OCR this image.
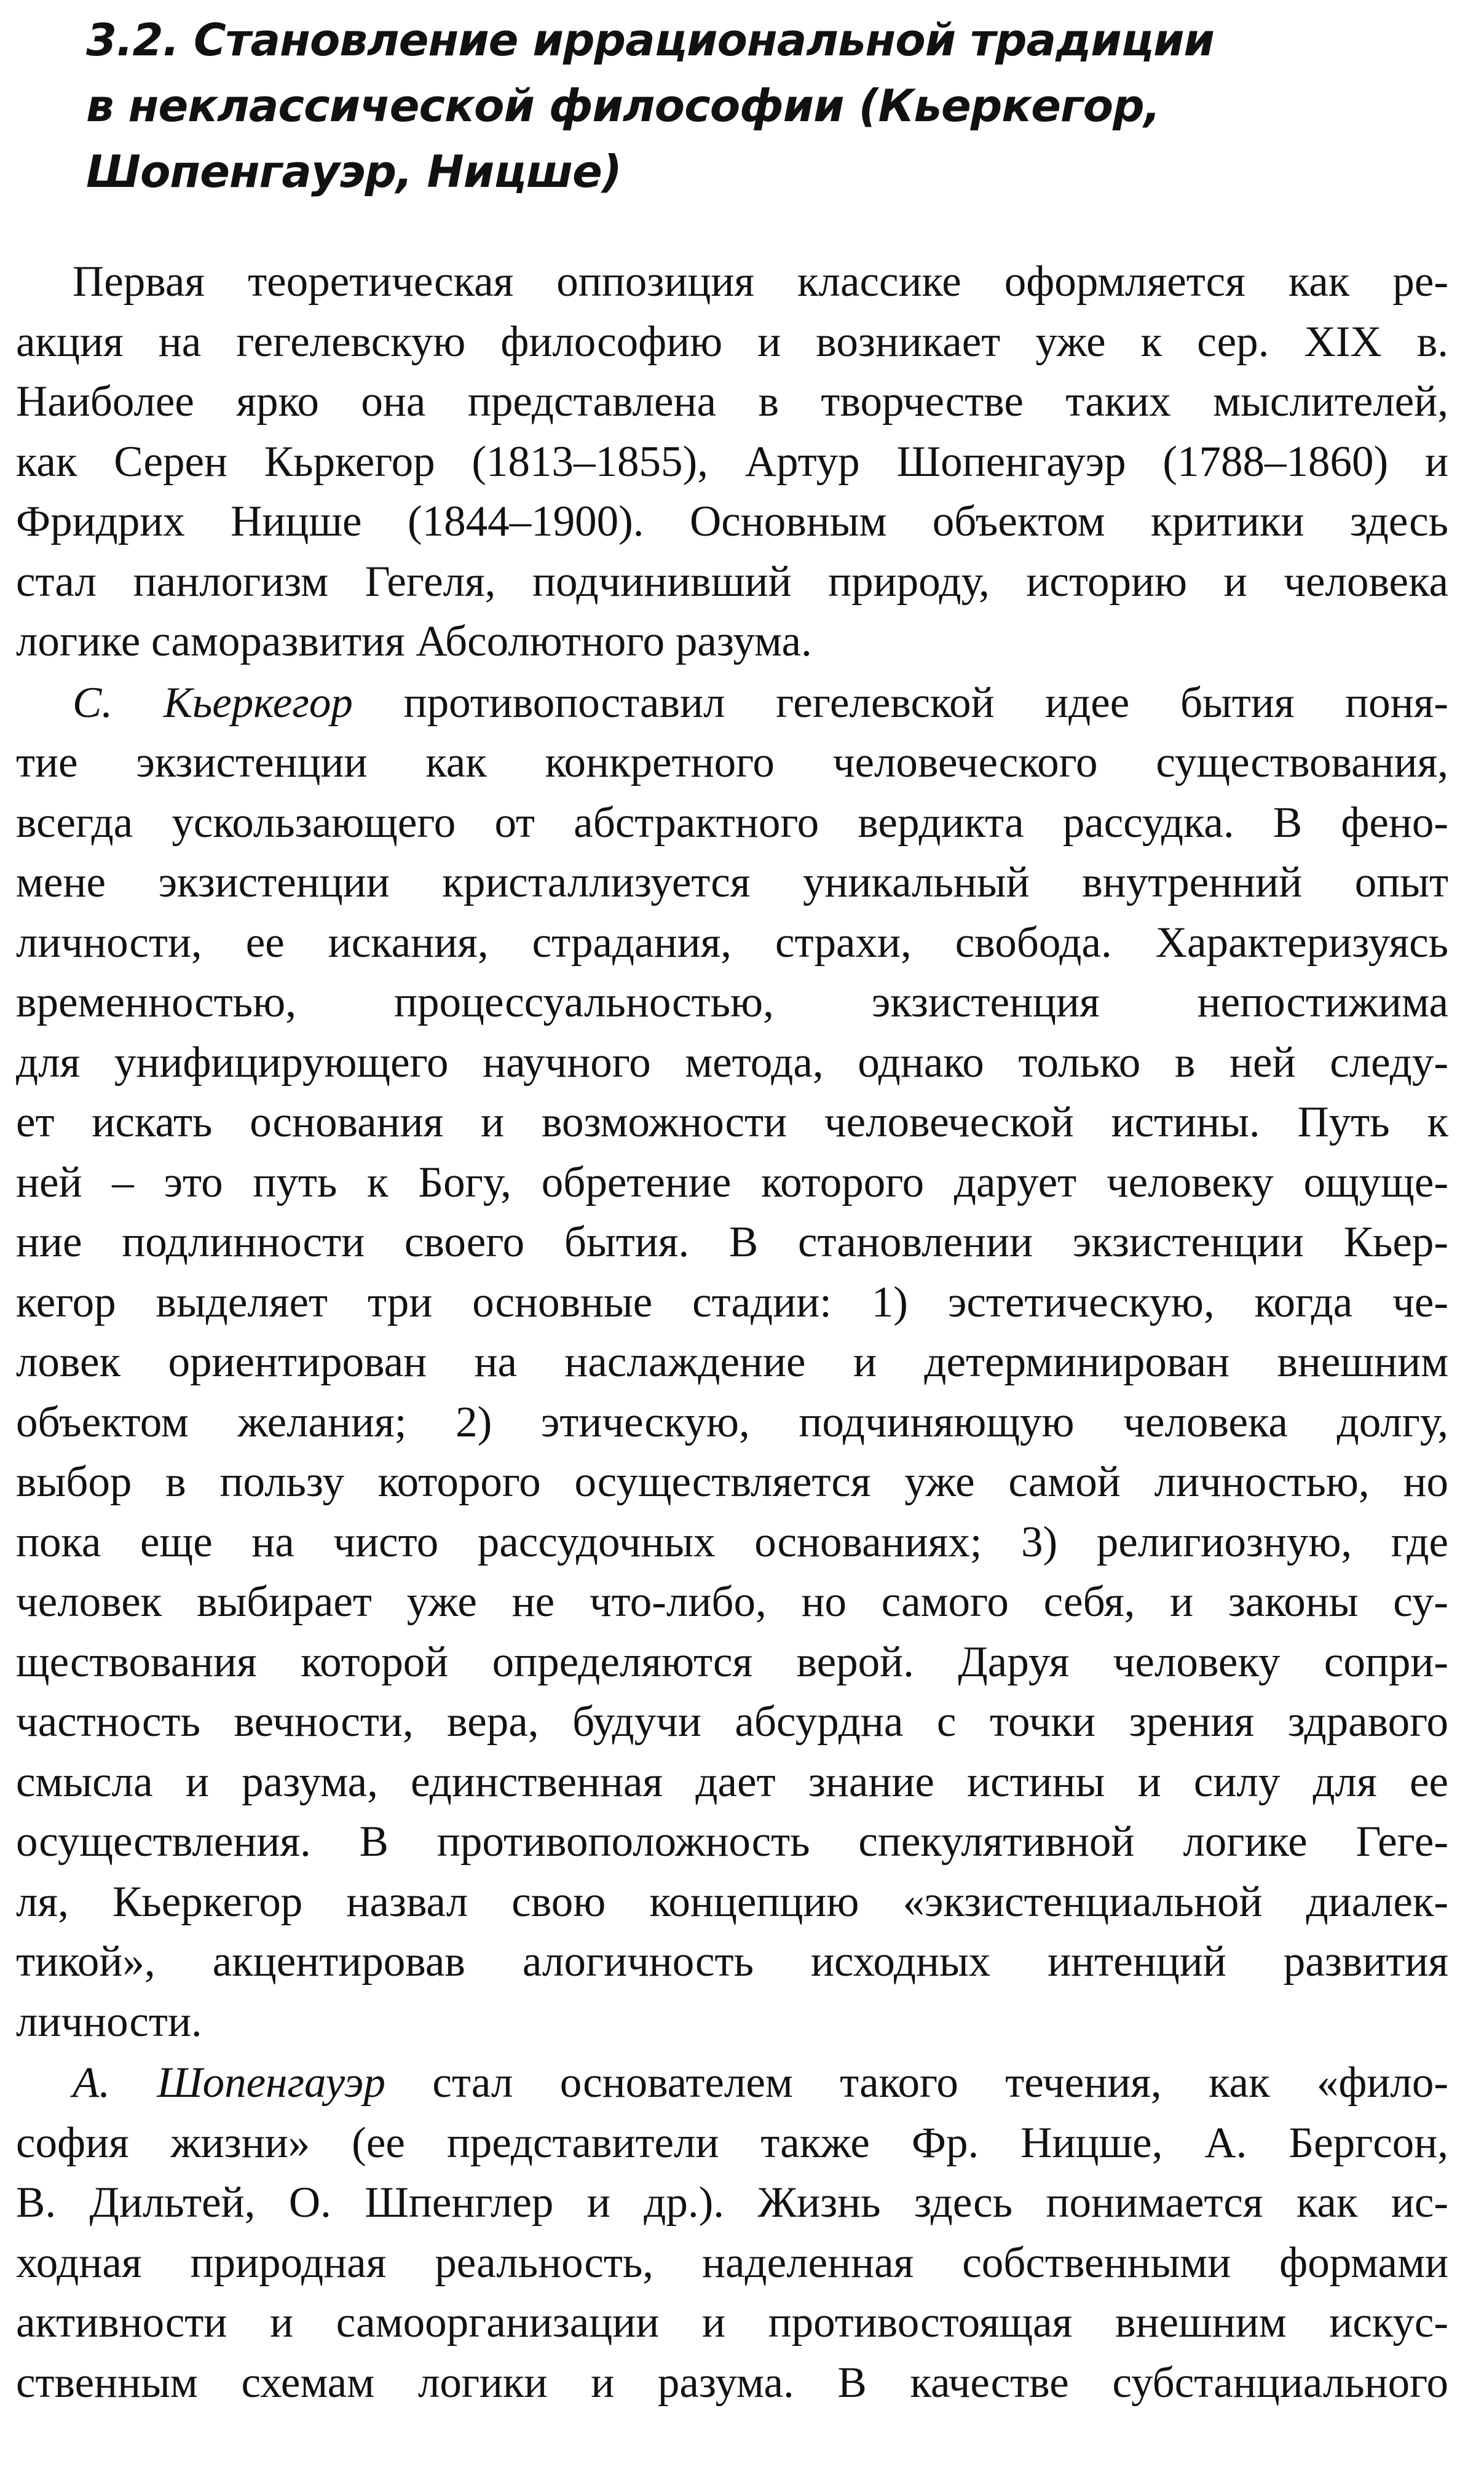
3.2. Становление иррациональной традиции
в неклассической философии (Кьеркегор,
Шопенгауэр, Ницше)
Первая теоретическая оппозиция классике оформляется как ре-
акция на гегелевскую философию и возникает уже к сер. XIX в.
Наиболее ярко она представлена в творчестве таких мыслителей,
как Серен Кьркегор (1813–1855), Артур Шопенгауэр (1788–1860) и
Фридрих Ницше (1844–1900). Основным объектом критики здесь
стал панлогизм Гегеля, подчинивший природу, историю и человека
логике саморазвития Абсолютного разума.
С. Кьеркегор противопоставил гегелевской идее бытия поня-
тие экзистенции как конкретного человеческого существования,
всегда ускользающего от абстрактного вердикта рассудка. В фено-
мене экзистенции кристаллизуется уникальный внутренний опыт
личности, ее искания, страдания, страхи, свобода. Характеризуясь
временностью, процессуальностью, экзистенция непостижима
для унифицирующего научного метода, однако только в ней следу-
ет искать основания и возможности человеческой истины. Путь к
ней – это путь к Богу, обретение которого дарует человеку ощуще-
ние подлинности своего бытия. В становлении экзистенции Кьер-
кегор выделяет три основные стадии: 1) эстетическую, когда че-
ловек ориентирован на наслаждение и детерминирован внешним
объектом желания; 2) этическую, подчиняющую человека долгу,
выбор в пользу которого осуществляется уже самой личностью, но
пока еще на чисто рассудочных основаниях; 3) религиозную, где
человек выбирает уже не что-либо, но самого себя, и законы су-
ществования которой определяются верой. Даруя человеку сопри-
частность вечности, вера, будучи абсурдна с точки зрения здравого
смысла и разума, единственная дает знание истины и силу для ее
осуществления. В противоположность спекулятивной логике Геге-
ля, Кьеркегор назвал свою концепцию «экзистенциальной диалек-
тикой», акцентировав алогичность исходных интенций развития
личности.
А. Шопенгауэр стал основателем такого течения, как «фило-
софия жизни» (ее представители также Фр. Ницше, А. Бергсон,
В. Дильтей, О. Шпенглер и др.). Жизнь здесь понимается как ис-
ходная природная реальность, наделенная собственными формами
активности и самоорганизации и противостоящая внешним искус-
ственным схемам логики и разума. В качестве субстанциального
